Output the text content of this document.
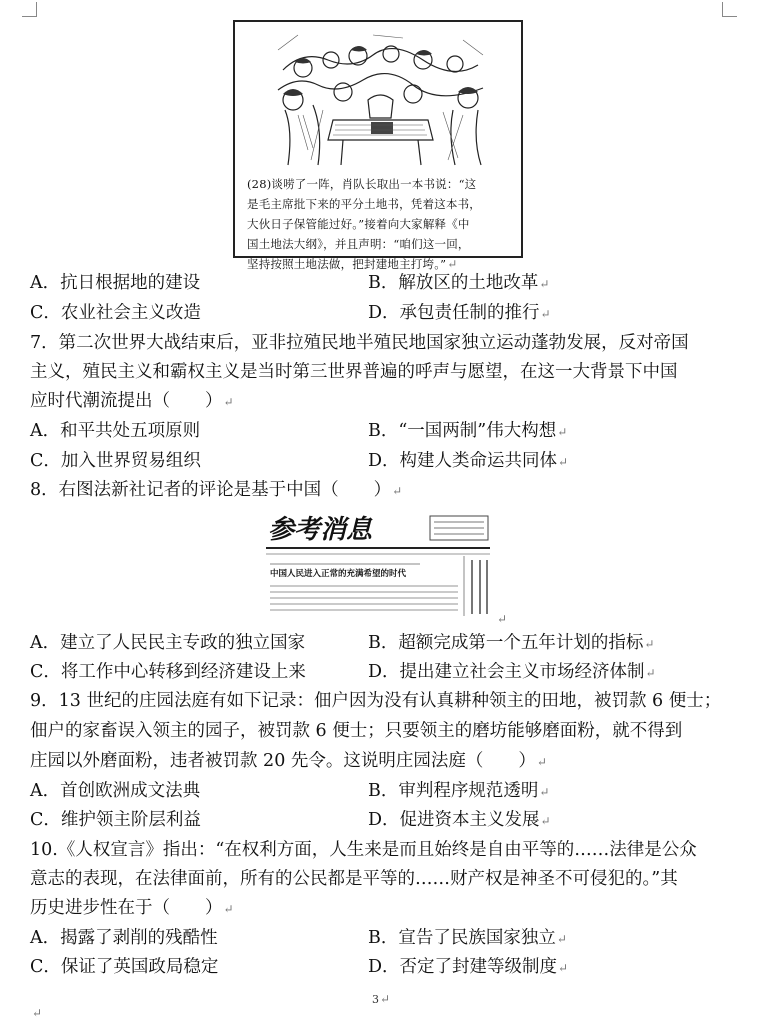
(28)谈唠了一阵，肖队长取出一本书说：“这

是毛主席批下来的平分土地书，凭着这本书，

大伙日子保管能过好。”接着向大家解释《中

国土地法大纲》，并且声明：“咱们这一回，

坚持按照土地法做，把封建地主打垮。”↵

A．抗日根据地的建设	B．解放区的土地改革↵
C．农业社会主义改造	D．承包责任制的推行↵
7．第二次世界大战结束后，亚非拉殖民地半殖民地国家独立运动蓬勃发展，反对帝国
主义，殖民主义和霸权主义是当时第三世界普遍的呼声与愿望，在这一大背景下中国
应时代潮流提出（　　）↵
A．和平共处五项原则	B．“一国两制”伟大构想↵
C．加入世界贸易组织	D．构建人类命运共同体↵
8．右图法新社记者的评论是基于中国（　　）↵
参考消息
中国人民进入正常的充满希望的时代
↵
A．建立了人民民主专政的独立国家	B．超额完成第一个五年计划的指标↵
C．将工作中心转移到经济建设上来	D．提出建立社会主义市场经济体制↵
9．13 世纪的庄园法庭有如下记录：佃户因为没有认真耕种领主的田地，被罚款 6 便士；
佃户的家畜误入领主的园子，被罚款 6 便士；只要领主的磨坊能够磨面粉，就不得到
庄园以外磨面粉，违者被罚款 20 先令。这说明庄园法庭（　　）↵
A．首创欧洲成文法典	B．审判程序规范透明↵
C．维护领主阶层利益	D．促进资本主义发展↵
10.《人权宣言》指出：“在权利方面，人生来是而且始终是自由平等的……法律是公众
意志的表现，在法律面前，所有的公民都是平等的……财产权是神圣不可侵犯的。”其
历史进步性在于（　　）↵
A．揭露了剥削的残酷性	B．宣告了民族国家独立↵
C．保证了英国政局稳定	D．否定了封建等级制度↵
3↵
↵
